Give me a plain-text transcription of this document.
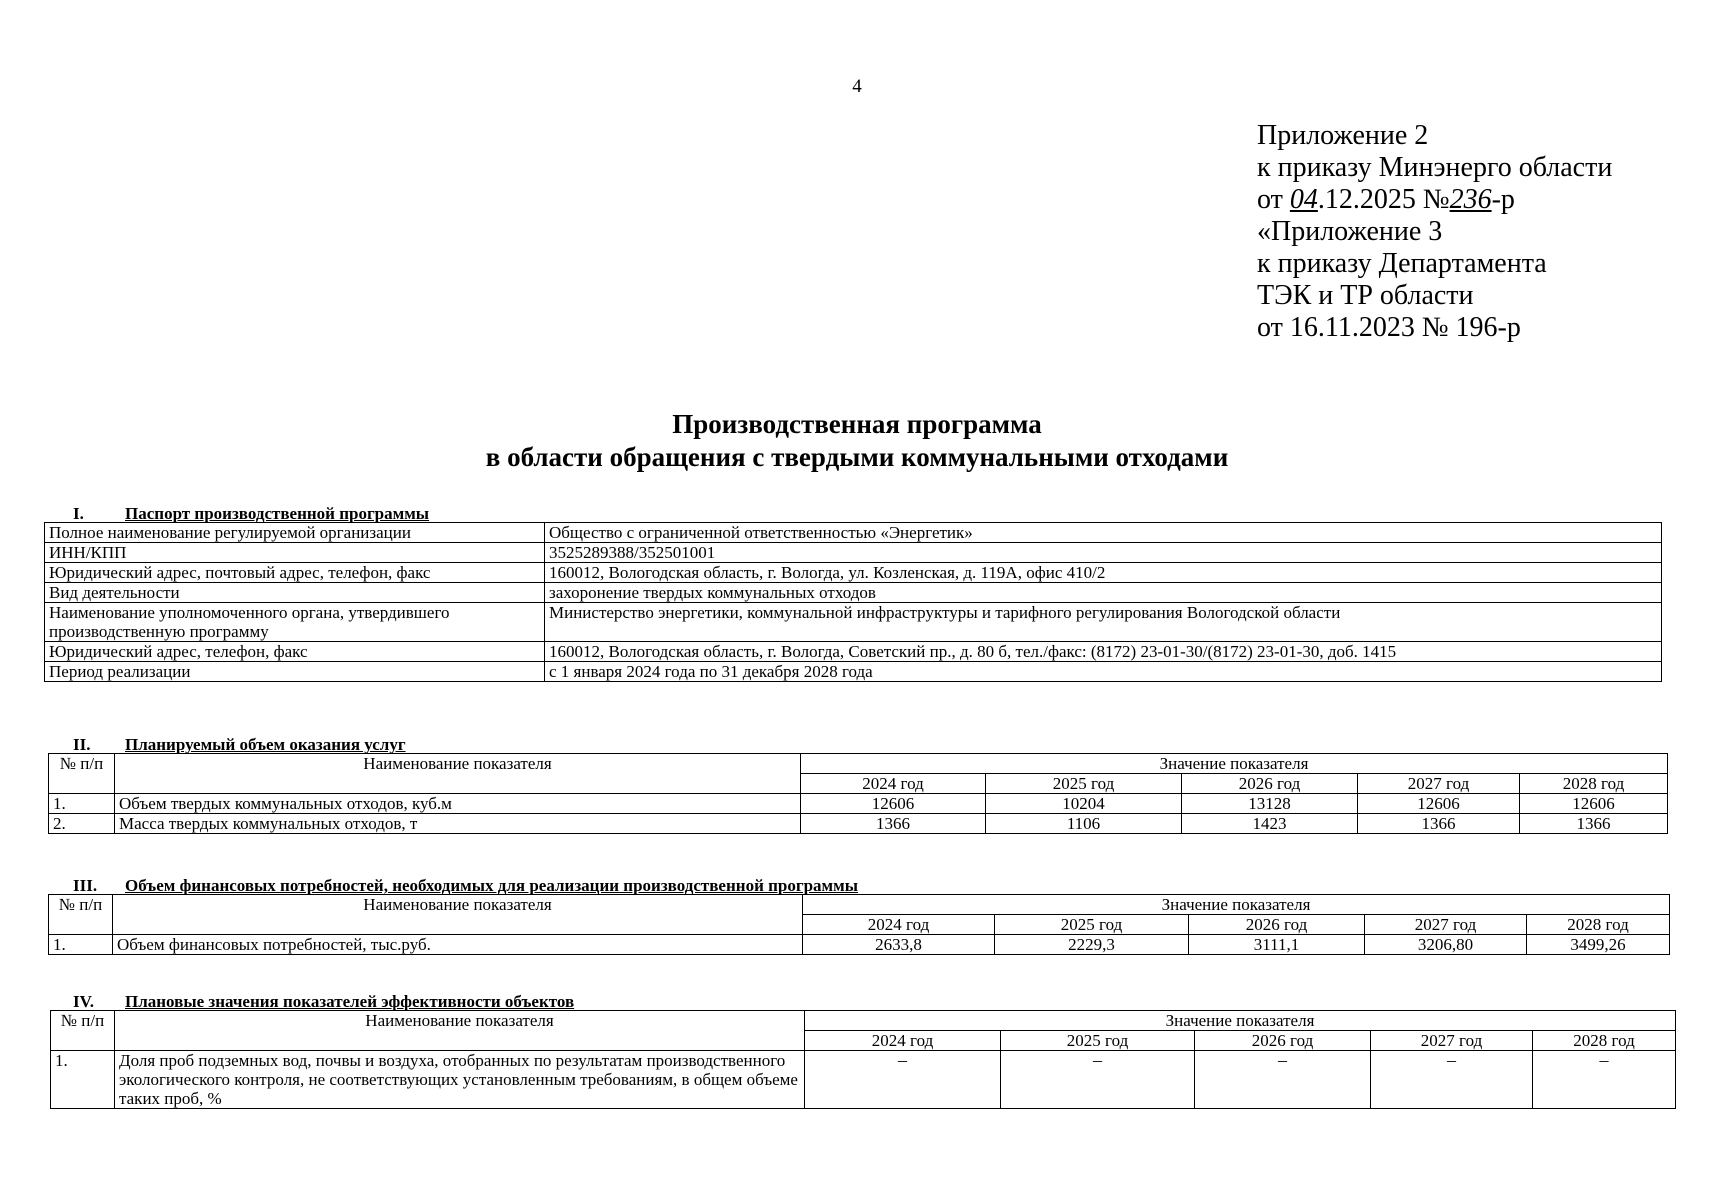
4
Приложение 2
к приказу Минэнерго области
от 04.12.2025 №236-р
«Приложение 3
к приказу Департамента
ТЭК и ТР области
от 16.11.2023 № 196-р
Производственная программа
в области обращения с твердыми коммунальными отходами
I. Паспорт производственной программы
Полное наименование регулируемой организации	Общество с ограниченной ответственностью «Энергетик»
ИНН/КПП	3525289388/352501001
Юридический адрес, почтовый адрес, телефон, факс	160012, Вологодская область, г. Вологда, ул. Козленская, д. 119А, офис 410/2
Вид деятельности	захоронение твердых коммунальных отходов
Наименование уполномоченного органа, утвердившего производственную программу	Министерство энергетики, коммунальной инфраструктуры и тарифного регулирования Вологодской области
Юридический адрес, телефон, факс	160012, Вологодская область, г. Вологда, Советский пр., д. 80 б, тел./факс: (8172) 23-01-30/(8172) 23-01-30, доб. 1415
Период реализации	с 1 января 2024 года по 31 декабря 2028 года
II. Планируемый объем оказания услуг
№ п/п	Наименование показателя	Значение показателя				
		2024 год	2025 год	2026 год	2027 год	2028 год
1.	Объем твердых коммунальных отходов, куб.м	12606	10204	13128	12606	12606
2.	Масса твердых коммунальных отходов, т	1366	1106	1423	1366	1366
III. Объем финансовых потребностей, необходимых для реализации производственной программы
№ п/п	Наименование показателя	Значение показателя				
		2024 год	2025 год	2026 год	2027 год	2028 год
1.	Объем финансовых потребностей, тыс.руб.	2633,8	2229,3	3111,1	3206,80	3499,26
IV. Плановые значения показателей эффективности объектов
№ п/п	Наименование показателя	Значение показателя				
		2024 год	2025 год	2026 год	2027 год	2028 год
1.	Доля проб подземных вод, почвы и воздуха, отобранных по результатам производственного экологического контроля, не соответствующих установленным требованиям, в общем объеме таких проб, %	–	–	–	–	–
